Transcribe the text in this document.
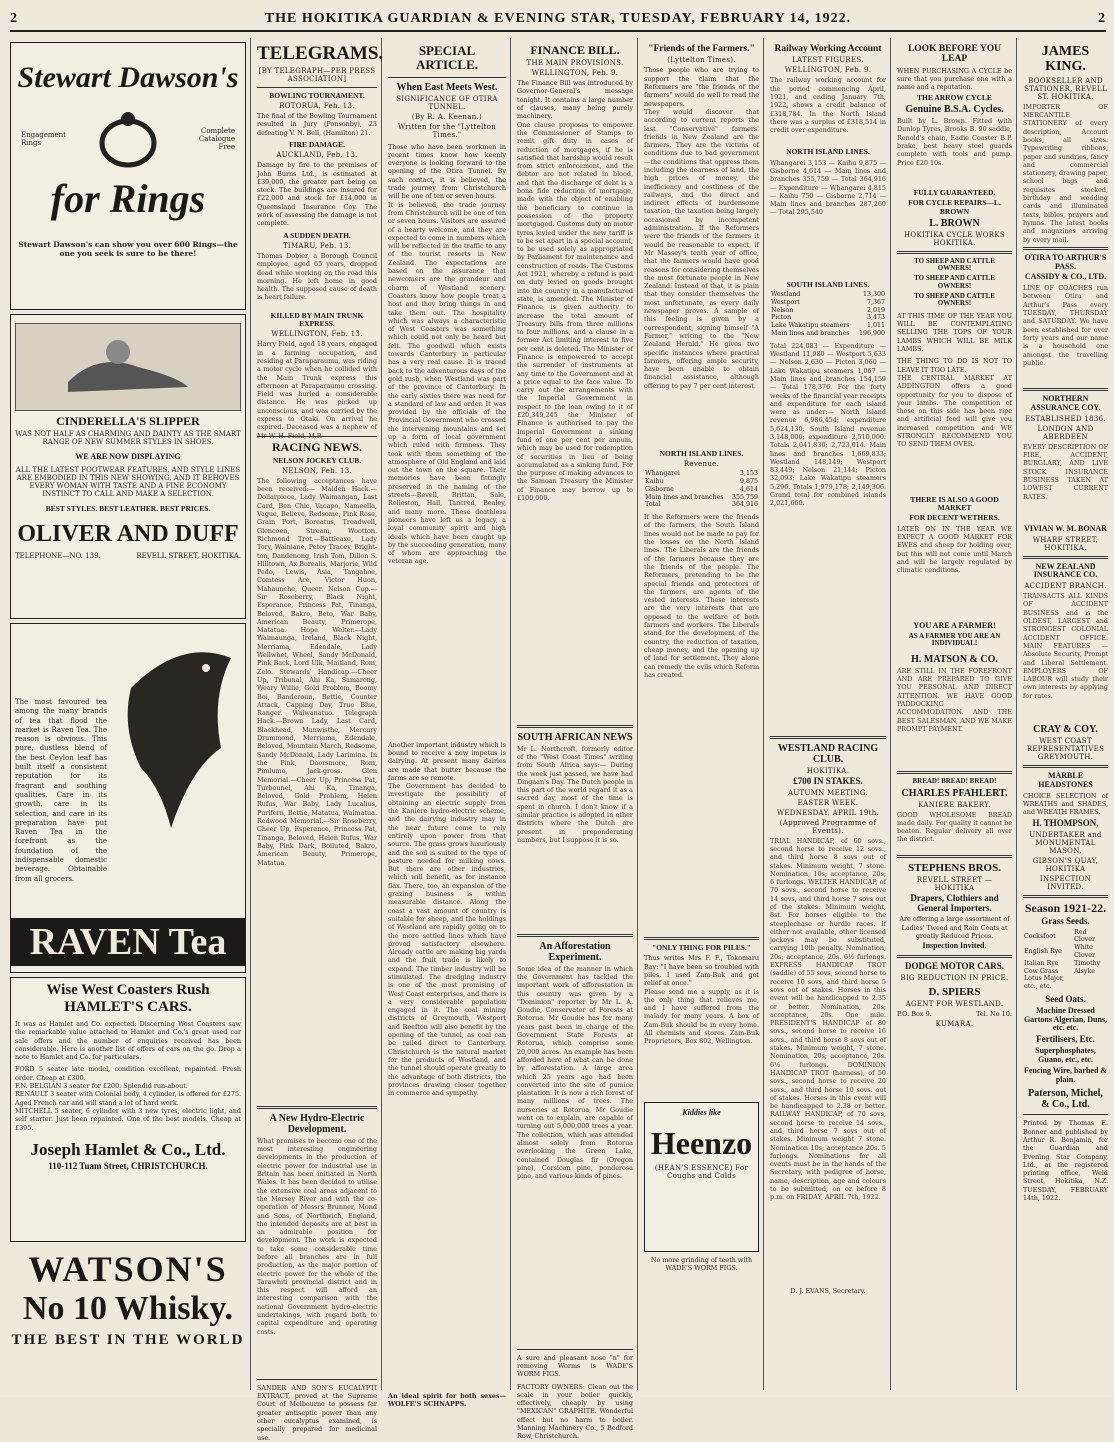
2	THE HOKITIKA GUARDIAN & EVENING STAR, TUESDAY, FEBRUARY 14, 1922.	2
Stewart Dawson's
Engagement Rings
Complete Catalogue Free
for Rings
Stewart Dawson's can show you over 600 Rings—the one you seek is sure to be there!
CINDERELLA'S SLIPPER
WAS NOT HALF AS CHARMING AND DAINTY AS THE SMART RANGE OF NEW SUMMER STYLES IN SHOES.
WE ARE NOW DISPLAYING
ALL THE LATEST FOOTWEAR FEATURES, AND STYLE LINES ARE EMBODIED IN THIS NEW SHOWING, AND IT BEHOVES EVERY WOMAN WITH TASTE AND A FINE ECONOMY INSTINCT TO CALL AND MAKE A SELECTION.
BEST STYLES. BEST LEATHER. BEST PRICES.
OLIVER AND DUFF
TELEPHONE—NO. 139.	REVELL STREET, HOKITIKA.
The most favoured tea among the many brands of tea that flood the market is Raven Tea. The reason is obvious. This pure, dustless blend of the best Ceylon leaf has built itself a consistent reputation for its fragrant and soothing qualities. Care in its growth, care in its selection, and care in its preparation have put Raven Tea in the forefront as the foundation of the indispensable domestic beverage. Obtainable from all grocers.
RAVEN Tea
Wise West Coasters Rush HAMLET'S CARS.
It was as Hamlet and Co. expected: Discerning West Coasters saw the remarkable value attached to Hamlet and Co.'s great used car sale offers and the number of enquiries received has been considerable. Here is another list of offers of cars on the go. Drop a note to Hamlet and Co. for particulars.
FORD 5 seater late model, condition excellent, repainted. Fresh order. Cheap at £300.
F.N. BELGIAN 3 seater for £200. Splendid run-about.
RENAULT 3 seater with Colonial body, 4 cylinder, is offered for £275. Aged French car and will stand a lot of hard work.
MITCHELL 5 seater, 6 cylinder with 3 new tyres, electric light, and self starter. Just been repainted. One of the best models. Cheap at £395.
Joseph Hamlet & Co., Ltd.
110-112 Tuam Street, CHRISTCHURCH.
WATSON'S
No 10 Whisky.
THE BEST IN THE WORLD
TELEGRAMS.
[BY TELEGRAPH—PER PRESS ASSOCIATION]
BOWLING TOURNAMENT.
ROTORUA, Feb. 13.
The final of the Bowling Tournament resulted in Jury (Ponsonby), 23 defeating V. N. Bell, (Hamilton) 21.
FIRE DAMAGE.
AUCKLAND, Feb. 13.
Damage by fire to the premises of John Burns Ltd., is estimated at £39,000, the greater part being on stock. The buildings are insured for £22,000 and stock for £14,000 in Queensland Insurance Coy. The work of assessing the damage is not complete.
A SUDDEN DEATH.
TIMARU, Feb. 13.
Thomas Dobier, a Borough Council employee, aged 65 years, dropped dead while working on the road this morning. He left home in good health. The supposed cause of death is heart failure.
KILLED BY MAIN TRUNK EXPRESS.
WELLINGTON, Feb. 13.
Harry Field, aged 18 years, engaged in a farming occupation, and residing at Paraparaumu, was riding a motor cycle when he collided with the Main Trunk express this afternoon at Paraparaumu crossing. Field was hurled a considerable distance. He was picked up unconscious, and was carried by the express to Otaki. On arrival he expired. Deceased was a nephew of Mr W. H. Field, M.P.
RACING NEWS.
NELSON JOCKEY CLUB.
NELSON, Feb. 13.
The following acceptances have been received:— Maiden Hack.—Dollarpiece, Lady Waimangan, Last Card, Ben Chic, Vacapo, Nameella, Vague, Believe, Redsome, Pink Rose, Grain Port, Boreatus, Treadwell, Glencoen, Stream, Wootton. Richmond Trot.—Battleaxe, Lady Tory, Wainiane, Petey Tracey, Bright-ton, Dandenong, Irish Tom, Dillon S. Hilltown, Ax Borealis, Marjorie, Wild Pedo, Lewis, Asia, Tangahoe, Comtess Ace, Victor Huon, Mahaunche, Queer. Nelson Cup.—Sir Roseberry, Black Night, Esperance, Princess Pat, Tinanga, Beloved, Bakro, Beto, War Baby, American Beauty, Primerope, Matatua. Hope Welter.—Lady Waimaunga, Ireland, Black Night, Merriama, Edendale, Lady Wellwhet, Wheel, Sandy McDonald, Pink Back, Lord Ulk, Maitland, Rom, Zelo. Stewards' Handicap.—Cheer Up, Tribunal, Ahi Ka, Samarong, Weary Willie, Gold Problem, Boomy Boi, Banderoun, Bettie, Counter Attack, Capping Day, True Blue, Ranger. Waiwanatuo. Telegraph Hack.—Brown Lady, Last Card, Blackhead, Munwisthe, Mercury Drummond, Merriama, Edendale, Beloved, Mountain March, Redsome, Sandy McDonald, Lady Larimina. In the Pink, Doorsmore, Rom, Pimlumo, Jack-gross. Glen Memorial.—Cheer Up, Princess Pat, Turbounel, Ahi Ka, Tinanga, Beloved, Gold Problem, Helen Rufus, War Baby, Lady Lucalius, Purifern, Bettie, Matatua, Waimatua. Redwood Memorial.—Sir Roseberry, Cheer Up, Esperance, Princess Pat, Tinanga, Beloved, Helen Rufus, War Baby, Pink Dark, Boiluted, Bakro, American Beauty, Primerope, Matatua.
A New Hydro-Electric Development.
What promises to become one of the most interesting engineering developments in the production of electric power for industrial use in Britain has been initiated in North Wales. It has been decided to utilise the extensive coal areas adjacent to the Mersey River and with the co-operation of Messrs Brunner, Mond and Sons, of Northwich, England, the intended deposits are at best in an admirable position for development. The work is expected to take some considerable time before all branches are in full production, as the major portion of electric power for the whole of the Tarawhiti provincial district and in this respect will afford an interesting comparison with the national Government hydro-electric undertakings, with regard both to capital expenditure and operating costs.
SANDER AND SON'S EUCALYPTI EXTRACT, proved at the Supreme Court of Melbourne to possess far greater antiseptic power than any other eucalyptus examined, is specially prepared for medicinal use.
SPECIAL ARTICLE.
When East Meets West.
SIGNIFICANCE OF OTIRA TUNNEL.
(By R. A. Keenan.)
Written for the "Lyttelton Times."
Those who have been workmen in recent times know how keenly everyone is looking forward to the opening of the Otira Tunnel. By such contact, it is believed, the trade journey from Christchurch will be one of ten or seven hours.
It is believed, the trade journey from Christchurch will be one of ten or seven hours. Visitors are assured of a hearty welcome, and they are expected to come in numbers which will be reflected in the traffic to any of the tourist resorts in New Zealand. The expectations are based on the assurance that newcomers are the grandeur and charm of Westland scenery. Coasters know how people treat a host and they bring things in and take them out. The hospitality which was always a characteristic of West Coasters was something which could not only be heard but felt. The goodwill which exists towards Canterbury in particular has a very real cause. It is traced back to the adventurous days of the gold rush, when Westland was part of the province of Canterbury. In the early sixties there was need for a standard of law and order. It was provided by the officials of the Provincial Government who crossed the intervening mountains and set up a form of local government which ruled with firmness. They took with them something of the atmosphere of Old England and laid out the town on the square. Their memories have been fittingly preserved in the naming of the streets—Revell, Brittan, Sale, Rolleston, Hall, Tancred, Bealey, and many more. These deathless pioneers have left us a legacy, a loyal community spirit and high ideals which have been caught up by the succeeding generation, many of whom are approaching the veteran age.
Another important industry which is bound to receive a new impetus is dairying. At present many dairies are made that butter because the farms are so remote.
The Government has decided to investigate the possibility of obtaining an electric supply from the Kaniere hydro-electric scheme, and the dairying industry may in the near future come to rely entirely upon power from that source. The grass grows luxuriously and the soil is suited to the type of pasture needed for milking cows. But there are other industries, which will benefit, as for instance flax. There, too, an expansion of the grazing business is within measurable distance. Along the coast a vast amount of country is suitable for sheep, and the holdings of Westland are rapidly going on to the more settled lines which have proved satisfactory elsewhere. Already cattle are making big yards and the fruit trade is likely to expand. The timber industry will be stimulated. The dredging industry is one of the most promising of West Coast enterprises, and there is a very considerable population engaged in it. The coal mining districts of Greymouth, Westport and Reefton will also benefit by the opening of the tunnel, as coal can be railed direct to Canterbury. Christchurch is the natural market for the products of Westland, and the tunnel should operate greatly to the advantage of both districts, the provinces drawing closer together in commerce and sympathy.
An ideal spirit for both sexes—WOLFE'S SCHNAPPS.
FINANCE BILL.
THE MAIN PROVISIONS.
WELLINGTON, Feb. 9.
The Finance Bill was introduced by Governor-General's message tonight. It contains a large number of clauses, many being purely machinery.
One clause proposes to empower the Commissioner of Stamps to remit gift duty in cases of reduction of mortgages, if he is satisfied that hardship would result from strict enforcement, and the debtor are not related in blood, and that the discharge of debt is a bona fide reduction of mortgage, made with the object of enabling the beneficiary to continue in possession of the property mortgaged. Customs duty on motor tyres levied under the new tariff is to be set apart in a special account, to be used solely as appropriated by Parliament for maintenance and construction of roads. The Customs Act 1921, whereby a refund is paid on duty levied on goods brought into the country in a manufactured state, is amended. The Minister of Finance is given authority to increase the total amount of Treasury bills from three millions to four millions, and a clause in a former Act limiting interest to five per cent is deleted. The Minister of Finance is empowered to accept the surrender of instruments at any time to the Government and at a price equal to the face value. To carry out the arrangements with the Imperial Government in respect to the loan owing to it of £20,349,245 the Minister of Finance is authorised to pay the Imperial Government a sinking fund of one per cent per annum, which may be used for redemption of securities in lieu of being accumulated as a sinking fund. For the purpose of making advances to the Samoan Treasury the Minister of Finance may borrow up to £100,000.
SOUTH AFRICAN NEWS
Mr L. Northcroft, formerly editor of the "West Coast Times" writing from South Africa says:— During the week just passed, we have had Dingaan's Day. The Dutch people in this part of the world regard it as a sacred day, most of the time is spent in church. I don't know if a similar practice is adopted in other districts where the Dutch are present in preponderating numbers, but I suppose it is so.
An Afforestation Experiment.
Some idea of the manner in which the Government has tackled the important work of afforestation in this country was given by a "Dominion" reporter by Mr L. A. Goudie, Conservator of Forests at Rotorua. Mr Goudie has for many years past been in charge of the Government State Forests at Rotorua, which comprise some 20,000 acres. An example has been afforded here of what can be done by afforestation. A large area which 25 years ago had been converted into the site of pumice plantation. It is now a rich forest of many millions of trees. The nurseries at Rotorua, Mr Goudie went on to explain, are capable of turning out 5,000,000 trees a year. The collection, which was attended almost solely from Rotorua overlooking the Green Lake, contained Douglas fir (Oregon pine), Corsican pine, ponderosa pine, and various kinds of pines.
A sure and pleasant nose "n" for removing Worms is WADE'S WORM FIGS.
FACTORY OWNERS: Clean out the scale in your boiler quickly, effectively, cheaply by using "MEXICAN" GRAPHITE. Wonderful effect but no harm to boiler. Manning Machinery Co., 5 Bedford Row, Christchurch.
"Friends of the Farmers."
(Lyttelton Times).
Those people who are trying to support the claim that the Reformers are "the friends of the farmers" would do well to read the newspapers.
They would discover that according to current reports the last "Conservative" farmers' friends in New Zealand are the farmers. They are the victims of conditions due to bad government—the conditions that oppress them including the dearness of land, the high prices of money, the inefficiency and costliness of the railways, and the direct and indirect effects of burdensome taxation, the taxation being largely occasioned by incompetent administration. If the Reformers were the friends of the farmers it would be reasonable to expect, if Mr Massey's tenth year of office, that the farmers would have good reasons for considering themselves the most fortunate people in New Zealand. Instead of that, it is plain that they consider themselves the most unfortunate, as every daily newspaper proves. A sample of this feeling is given by a correspondent, signing himself "A Farmer," writing to the "New Zealand Herald." He gives two specific instances where practical farmers, offering ample security, have been unable to obtain financial assistance, although offering to pay 7 per cent interest.
NORTH ISLAND LINES.
Revenue.
Whangarei	3,153
Kaihu	9,875
Gisborne	4,614
Main lines and branches	355,759
Total	364,916
If the Reformers were the friends of the farmers, the South Island lines would not be made to pay for the losses on the North Island lines. The Liberals are the friends of the farmers because they are the friends of the people. The Reformers, pretending to be the special friends and protectors of the farmers, are agents of the vested interests. These interests are the very interests that are opposed to the welfare of both farmers and workers. The Liberals stand for the development of the country, the reduction of taxation, cheap money, and the opening up of land for settlement. They alone can remedy the evils which Reform has created.
"ONLY THING FOR PILES."
Thus writes Mrs F. F., Tokomaru Bay: "I have been so troubled with piles. I used Zam-Buk and got relief at once."
Please send me a supply, as it is the only thing that relieves me, and I have suffered from the malady for many years. A box of Zam-Buk should be in every home. All chemists and stores. Zam-Buk Proprietors, Box 802, Wellington.
Kiddies like
Heenzo
(HEAN'S ESSENCE) For Coughs and Colds
No more grinding of teeth with WADE'S WORM FIGS.
Railway Working Account
LATEST FIGURES.
WELLINGTON, Feb. 9.
The railway working account for the period commencing April, 1921, and ending January 7th, 1922, shows a credit balance of £318,784. In the North Island there was a surplus of £318,514 in credit over expenditure.
NORTH ISLAND LINES.
Whangarei 3,153 — Kaihu 9,875 — Gisborne 4,614 — Main lines and branches 355,759 — Total 364,916 — Expenditure — Whangarei 4,815 — Kaihu 750 — Gisborne 2,714 — Main lines and branches 287,260 — Total 295,540
SOUTH ISLAND LINES.
Westland	13,300
Westport	7,367
Nelson	2,019
Picton	3,473
Lake Wakatipu steamers	1,011
Main lines and branches	196,900
Total 224,083 — Expenditure — Westland 11,980 — Westport 5,633 — Nelson 2,630 — Picton 3,060 — Lake Wakatipu steamers 1,067 — Main lines and branches 154,159 — Total 178,376. For the forty weeks of the financial year receipts and expenditure for each island were as under:— North Island revenue 6,986,454; expenditure 5,624,130. South Island revenue 3,148,000; expenditure 2,510,000. Totals 2,041,830; 2,723,014. Main lines and branches 1,669,833; Westland 148,149; Westport 83,449; Nelson 21,144; Picton 32,093; Lake Wakatipu steamers 5,296. Totals 1,979,178; 2,149,306. Grand total for combined islands 2,021,660.
WESTLAND RACING CLUB.
HOKITIKA.
£700 IN STAKES.
AUTUMN MEETING.
EASTER WEEK.
WEDNESDAY, APRIL 19th.
(Approved Programme of Events).
TRIAL HANDICAP, of 60 sovs., second horse to receive 12 sovs., and third horse 8 sovs out of stakes. Minimum weight, 7 stone. Nomination, 10s; acceptance, 20s; 6 furlongs. WELTER HANDICAP, of 70 sovs., second horse to receive 14 sovs, and third horse 7 sovs out of the stakes. Minimum weight, 8st. For horses eligible to the steeplechase or hurdle races. If either not available, other licensed jockeys may be substituted, carrying 10lb penalty. Nomination, 20s; acceptance, 20s. 6½ furlongs. EXPRESS HANDICAP TROT (saddle) of 55 sovs, second horse to receive 10 sovs, and third horse 5 sovs out of stakes. Horses in this event will be handicapped to 2.35 or better. Nomination, 20s; acceptance, 20s. One mile. PRESIDENT'S HANDICAP of 80 sovs., second horse to receive 16 sovs., and third horse 8 sovs out of stakes. Minimum weight, 7 stone. Nomination, 20s; acceptance, 20s. 6½ furlongs. DOMINION HANDICAP TROT (harness), of 50 sovs., second horse to receive 20 sovs., and third horse 10 sovs. out of stakes. Horses in this event will be handicapped to 2.38 or better. RAILWAY HANDICAP, of 70 sovs, second horse to receive 14 sovs., and third horse 7 sovs out of stakes. Minimum weight 7 stone. Nomination 10s; acceptance 20s. 5 furlongs. Nominations for all events must be in the hands of the Secretary, with pedigree of horse, name, description, age and colours to be submitted, on or before 8 p.m. on FRIDAY, APRIL 7th, 1922.
D. J. EVANS, Secretary.
LOOK BEFORE YOU LEAP
WHEN PURCHASING A CYCLE be sure that you purchase one with a name and a reputation.
THE ARROW CYCLE
Genuine B.S.A. Cycles.
Built by L. Brown. Fitted with Dunlop Tyres, Brooks B. 90 saddle, Renold's chain, Eadie Coaster B.P. brake, best heavy steel guards complete with tools and pump. Price £20 10s.
FULLY GUARANTEED.
FOR CYCLE REPAIRS—L. BROWN
L. BROWN
HOKITIKA CYCLE WORKS HOKITIKA.
TO SHEEP AND CATTLE OWNERS!
TO SHEEP AND CATTLE OWNERS!
TO SHEEP AND CATTLE OWNERS!
AT THIS TIME OF THE YEAR YOU WILL BE CONTEMPLATING SELLING THE TOPS OF YOUR LAMBS WHICH WILL BE MILK LAMBS.
THE THING TO DO IS NOT TO LEAVE IT TOO LATE.
THE CENTRAL MARKET AT ADDINGTON offers a good opportunity for you to dispose of your lambs. The competition of those on this side has been ripe and artificial feed will give you increased competition and WE STRONGLY RECOMMEND YOU TO SEND THEM OVER.
THERE IS ALSO A GOOD MARKET
FOR DECENT WETHERS.
LATER ON IN THE YEAR WE EXPECT A GOOD MARKET FOR EWES and sheep for holding over, but this will not come until March and will be largely regulated by climatic conditions.
YOU ARE A FARMER!
AS A FARMER YOU ARE AN INDIVIDUAL!
H. MATSON & CO.
ARE STILL IN THE FOREFRONT AND ARE PREPARED TO GIVE YOU PERSONAL AND DIRECT ATTENTION. WE HAVE GOOD PADDOCKING ACCOMMODATION. AND THE BEST SALESMAN, AND WE MAKE PROMPT PAYMENT.
BREAD! BREAD! BREAD!
CHARLES PFAHLERT.
KANIERE BAKERY.
GOOD WHOLESOME BREAD made daily. For quality it cannot be beaten. Regular delivery all over the district.
STEPHENS BROS.
REVELL STREET — HOKITIKA
Drapers, Clothiers and General Importers.
Are offering a large assortment of Ladies' Tweed and Rain Coats at greatly Reduced Prices.
Inspection Invited.
DODGE MOTOR CARS.
BIG REDUCTION IN PRICE.
D. SPIERS
AGENT FOR WESTLAND.
P.O. Box 9.	Tel. No 10.
KUMARA.
JAMES KING.
BOOKSELLER AND STATIONER, REVELL ST. HOKITIKA.
IMPORTER OF MERCANTILE STATIONERY of every description, Account books, all sizes. Typewriting ribbons, paper and sundries, fancy and commercial stationery, drawing paper, school bags and requisites stocked, birthday and wedding cards and illuminated texts, bibles, prayers and hymns. The latest books and magazines arriving by every mail.
OTIRA TO ARTHUR'S PASS.
CASSIDY & CO., LTD.
LINE OF COACHES run between Otira and Arthur's Pass every TUESDAY, THURSDAY and SATURDAY. We have been established for over forty years and our name is a household one amongst the travelling public.
NORTHERN ASSURANCE COY.
ESTABLISHED 1836.
LONDON AND ABERDEEN
EVERY DESCRIPTION OF FIRE, ACCIDENT, BURGLARY, AND LIVE STOCK INSURANCE BUSINESS TAKEN AT LOWEST CURRENT RATES.
VIVIAN W. M. BONAR
WHARF STREET, HOKITIKA.
NEW ZEALAND INSURANCE CO.
ACCIDENT BRANCH.
TRANSACTS ALL KINDS OF ACCIDENT BUSINESS and is the OLDEST, LARGEST and STRONGEST COLONIAL ACCIDENT OFFICE. MAIN FEATURES — Absolute Security, Prompt and Liberal Settlement. EMPLOYERS OF LABOUR will study their own interests by applying for rates.
CRAY & COY.
WEST COAST REPRESENTATIVES GREYMOUTH.
MARBLE HEADSTONES
CHOICE SELECTION of WREATHS and SHADES, and WREATH FRAMES.
H. THOMPSON,
UNDERTAKER and MONUMENTAL MASON,
GIBSON'S QUAY, HOKITIKA
INSPECTION INVITED.
Season 1921-22.
Grass Seeds.
Cocksfoot	Red Clover
English Rye	White Clover
Italian Rye	Timothy
Cow Grass	Alsyke
Lotus Major, etc., etc.	
Seed Oats.
Machine Dressed Gartons Algerian, Duns, etc. etc.
Fertilisers, Etc.
Superphosphates, Guano, etc., etc.
Fencing Wire, barbed & plain.
Paterson, Michel, & Co., Ltd.
Printed by Thomas E. Bonner and published by Arthur R. Benjamin, for the Guardian and Evening Star Company, Ltd., at the registered printing office, Weld Street, Hokitika, N.Z. TUESDAY, FEBRUARY 14th, 1922.
